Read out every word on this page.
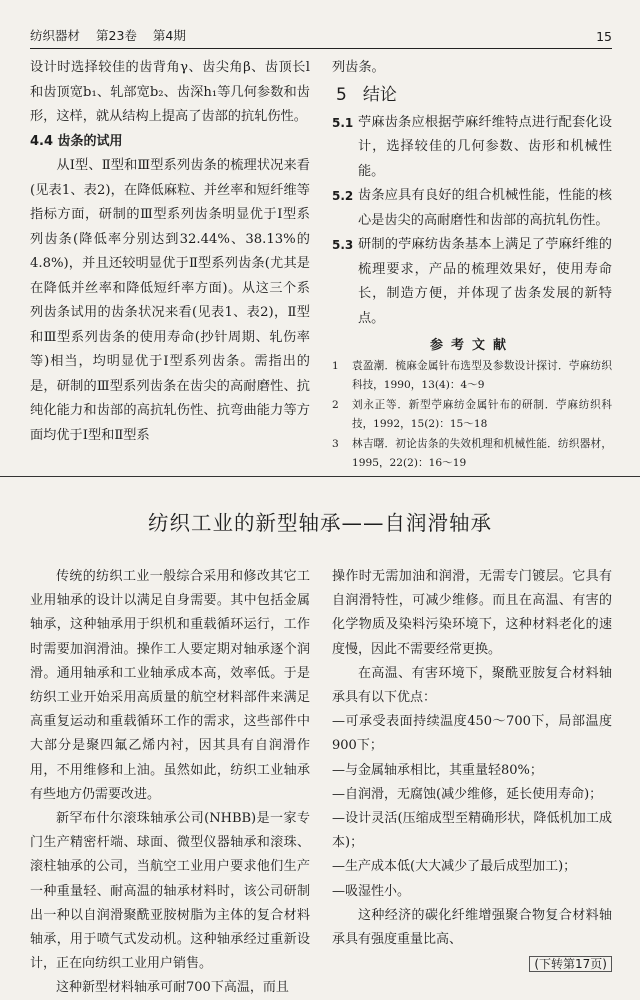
纺织器材 第23卷 第4期	15

设计时选择较佳的齿背角γ、齿尖角β、齿顶长l和齿顶宽b₁、轧部宽b₂、齿深h₁等几何参数和齿形，这样，就从结构上提高了齿部的抗轧伤性。

4.4 齿条的试用

从Ⅰ型、Ⅱ型和Ⅲ型系列齿条的梳理状况来看(见表1、表2)，在降低麻粒、并丝率和短纤维等指标方面，研制的Ⅲ型系列齿条明显优于Ⅰ型系列齿条(降低率分别达到32.44%、38.13%的4.8%)，并且还较明显优于Ⅱ型系列齿条(尤其是在降低并丝率和降低短纤率方面)。从这三个系列齿条试用的齿条状况来看(见表1、表2)，Ⅱ型和Ⅲ型系列齿条的使用寿命(抄针周期、轧伤率等)相当，均明显优于Ⅰ型系列齿条。需指出的是，研制的Ⅲ型系列齿条在齿尖的高耐磨性、抗纯化能力和齿部的高抗轧伤性、抗弯曲能力等方面均优于Ⅰ型和Ⅱ型系

列齿条。

5 结论
5.1 苧麻齿条应根据苧麻纤维特点进行配套化设计，选择较佳的几何参数、齿形和机械性能。
5.2 齿条应具有良好的组合机械性能，性能的核心是齿尖的高耐磨性和齿部的高抗轧伤性。
5.3 研制的苧麻纺齿条基本上满足了苧麻纤维的梳理要求，产品的梳理效果好，使用寿命长，制造方便，并体现了齿条发展的新特点。
参考文献
1	袁盈潮．梳麻金属针布选型及参数设计探讨．苧麻纺织科技，1990，13(4)：4～9
2	刘永正等．新型苧麻纺金属针布的研制．苧麻纺织科技，1992，15(2)：15～18
3	林吉曙．初论齿条的失效机理和机械性能．纺织器材，1995，22(2)：16～19
纺织工业的新型轴承——自润滑轴承

传统的纺织工业一般综合采用和修改其它工业用轴承的设计以满足自身需要。其中包括金属轴承，这种轴承用于织机和重载循环运行，工作时需要加润滑油。操作工人要定期对轴承逐个润滑。通用轴承和工业轴承成本高，效率低。于是纺织工业开始采用高质量的航空材料部件来满足高重复运动和重载循环工作的需求，这些部件中大部分是聚四氟乙烯内衬，因其具有自润滑作用，不用维修和上油。虽然如此，纺织工业轴承有些地方仍需要改进。

新罕布什尔滚珠轴承公司(NHBB)是一家专门生产精密杆端、球面、微型仪器轴承和滚珠、滚柱轴承的公司，当航空工业用户要求他们生产一种重量轻、耐高温的轴承材料时，该公司研制出一种以自润滑聚酰亚胺树脂为主体的复合材料轴承，用于喷气式发动机。这种轴承经过重新设计，正在向纺织工业用户销售。

这种新型材料轴承可耐700下高温，而且

操作时无需加油和润滑，无需专门镀层。它具有自润滑特性，可减少维修。而且在高温、有害的化学物质及染料污染环境下，这种材料老化的速度慢，因此不需要经常更换。

在高温、有害环境下，聚酰亚胺复合材料轴承具有以下优点：

—可承受表面持续温度450～700下，局部温度900下；

—与金属轴承相比，其重量轻80%；

—自润滑，无腐蚀(减少维修，延长使用寿命)；

—设计灵活(压缩成型至精确形状，降低机加工成本)；

—生产成本低(大大减少了最后成型加工)；

—吸湿性小。

这种经济的碳化纤维增强聚合物复合材料轴承具有强度重量比高、

(下转第17页)
